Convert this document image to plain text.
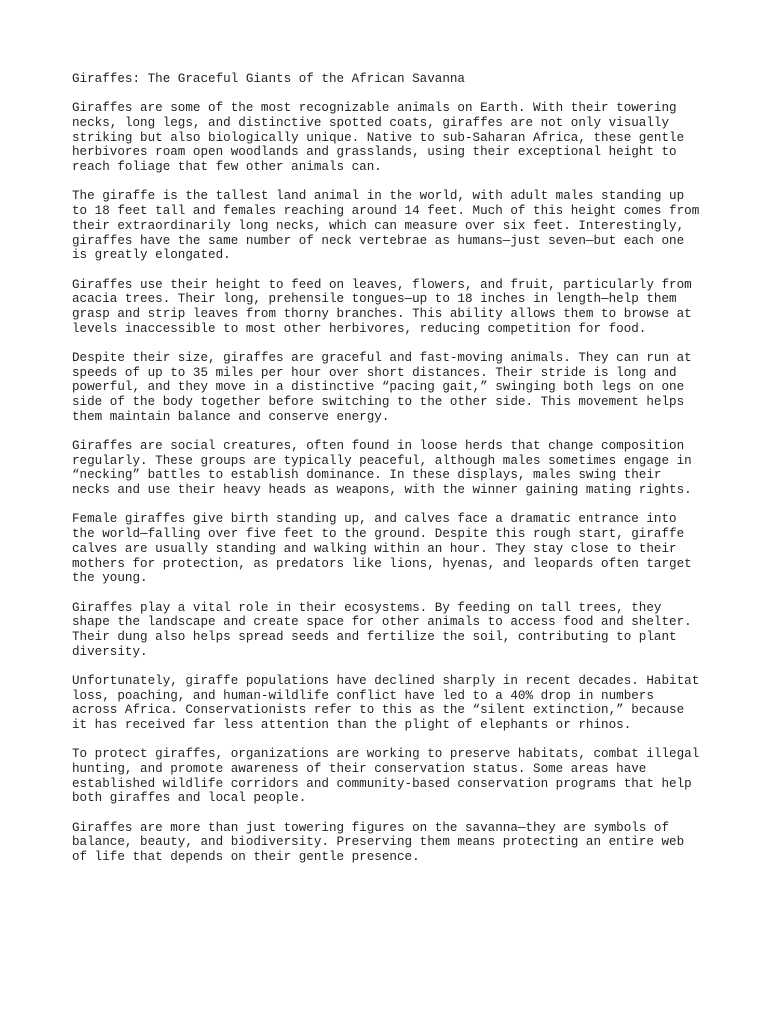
Giraffes: The Graceful Giants of the African Savanna
Giraffes are some of the most recognizable animals on Earth. With their towering
necks, long legs, and distinctive spotted coats, giraffes are not only visually
striking but also biologically unique. Native to sub-Saharan Africa, these gentle
herbivores roam open woodlands and grasslands, using their exceptional height to
reach foliage that few other animals can.
The giraffe is the tallest land animal in the world, with adult males standing up
to 18 feet tall and females reaching around 14 feet. Much of this height comes from
their extraordinarily long necks, which can measure over six feet. Interestingly,
giraffes have the same number of neck vertebrae as humans—just seven—but each one
is greatly elongated.
Giraffes use their height to feed on leaves, flowers, and fruit, particularly from
acacia trees. Their long, prehensile tongues—up to 18 inches in length—help them
grasp and strip leaves from thorny branches. This ability allows them to browse at
levels inaccessible to most other herbivores, reducing competition for food.
Despite their size, giraffes are graceful and fast-moving animals. They can run at
speeds of up to 35 miles per hour over short distances. Their stride is long and
powerful, and they move in a distinctive “pacing gait,” swinging both legs on one
side of the body together before switching to the other side. This movement helps
them maintain balance and conserve energy.
Giraffes are social creatures, often found in loose herds that change composition
regularly. These groups are typically peaceful, although males sometimes engage in
“necking” battles to establish dominance. In these displays, males swing their
necks and use their heavy heads as weapons, with the winner gaining mating rights.
Female giraffes give birth standing up, and calves face a dramatic entrance into
the world—falling over five feet to the ground. Despite this rough start, giraffe
calves are usually standing and walking within an hour. They stay close to their
mothers for protection, as predators like lions, hyenas, and leopards often target
the young.
Giraffes play a vital role in their ecosystems. By feeding on tall trees, they
shape the landscape and create space for other animals to access food and shelter.
Their dung also helps spread seeds and fertilize the soil, contributing to plant
diversity.
Unfortunately, giraffe populations have declined sharply in recent decades. Habitat
loss, poaching, and human-wildlife conflict have led to a 40% drop in numbers
across Africa. Conservationists refer to this as the “silent extinction,” because
it has received far less attention than the plight of elephants or rhinos.
To protect giraffes, organizations are working to preserve habitats, combat illegal
hunting, and promote awareness of their conservation status. Some areas have
established wildlife corridors and community-based conservation programs that help
both giraffes and local people.
Giraffes are more than just towering figures on the savanna—they are symbols of
balance, beauty, and biodiversity. Preserving them means protecting an entire web
of life that depends on their gentle presence.
